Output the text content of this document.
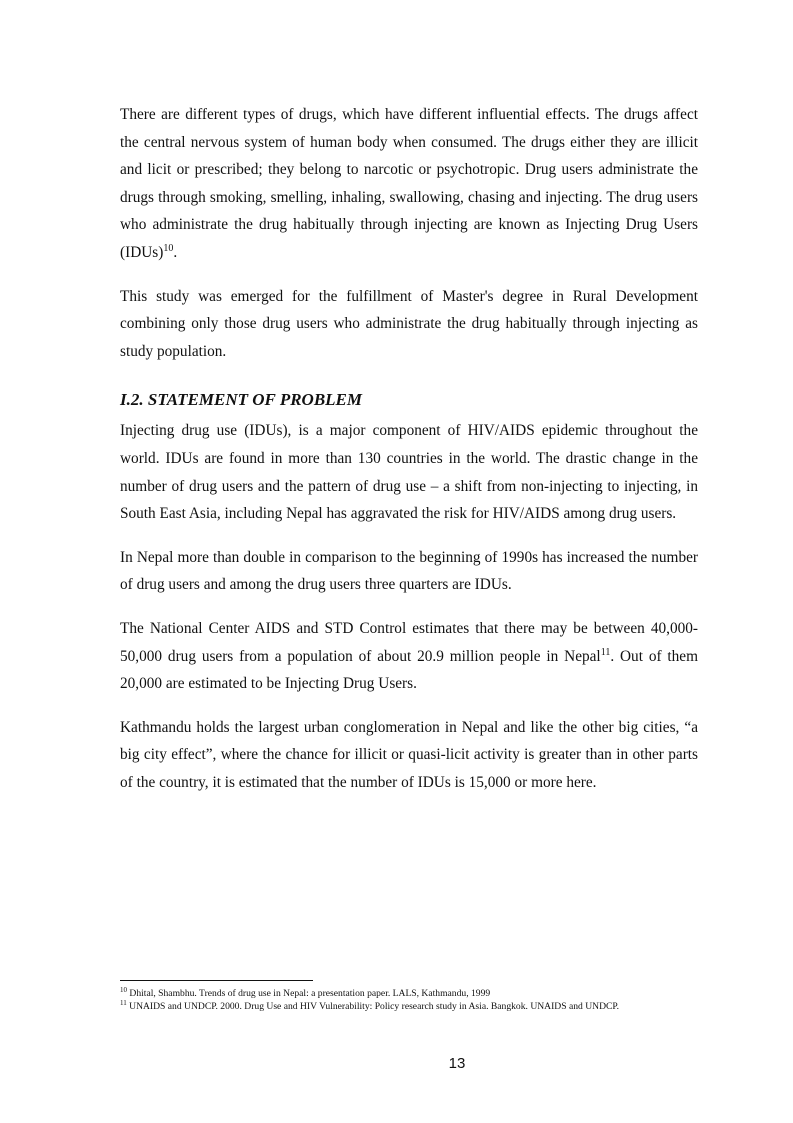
There are different types of drugs, which have different influential effects. The drugs affect the central nervous system of human body when consumed. The drugs either they are illicit and licit or prescribed; they belong to narcotic or psychotropic. Drug users administrate the drugs through smoking, smelling, inhaling, swallowing, chasing and injecting. The drug users who administrate the drug habitually through injecting are known as Injecting Drug Users (IDUs)$^{10}$.

This study was emerged for the fulfillment of Master's degree in Rural Development combining only those drug users who administrate the drug habitually through injecting as study population.

I.2. STATEMENT OF PROBLEM

Injecting drug use (IDUs), is a major component of HIV/AIDS epidemic throughout the world. IDUs are found in more than 130 countries in the world. The drastic change in the number of drug users and the pattern of drug use – a shift from non-injecting to injecting, in South East Asia, including Nepal has aggravated the risk for HIV/AIDS among drug users.

In Nepal more than double in comparison to the beginning of 1990s has increased the number of drug users and among the drug users three quarters are IDUs.

The National Center AIDS and STD Control estimates that there may be between 40,000-50,000 drug users from a population of about 20.9 million people in Nepal$^{11}$. Out of them 20,000 are estimated to be Injecting Drug Users.

Kathmandu holds the largest urban conglomeration in Nepal and like the other big cities, “a big city effect”, where the chance for illicit or quasi-licit activity is greater than in other parts of the country, it is estimated that the number of IDUs is 15,000 or more here.

$^{10}$ Dhital, Shambhu. Trends of drug use in Nepal: a presentation paper. LALS, Kathmandu, 1999

$^{11}$ UNAIDS and UNDCP. 2000. Drug Use and HIV Vulnerability: Policy research study in Asia. Bangkok. UNAIDS and UNDCP.

13
